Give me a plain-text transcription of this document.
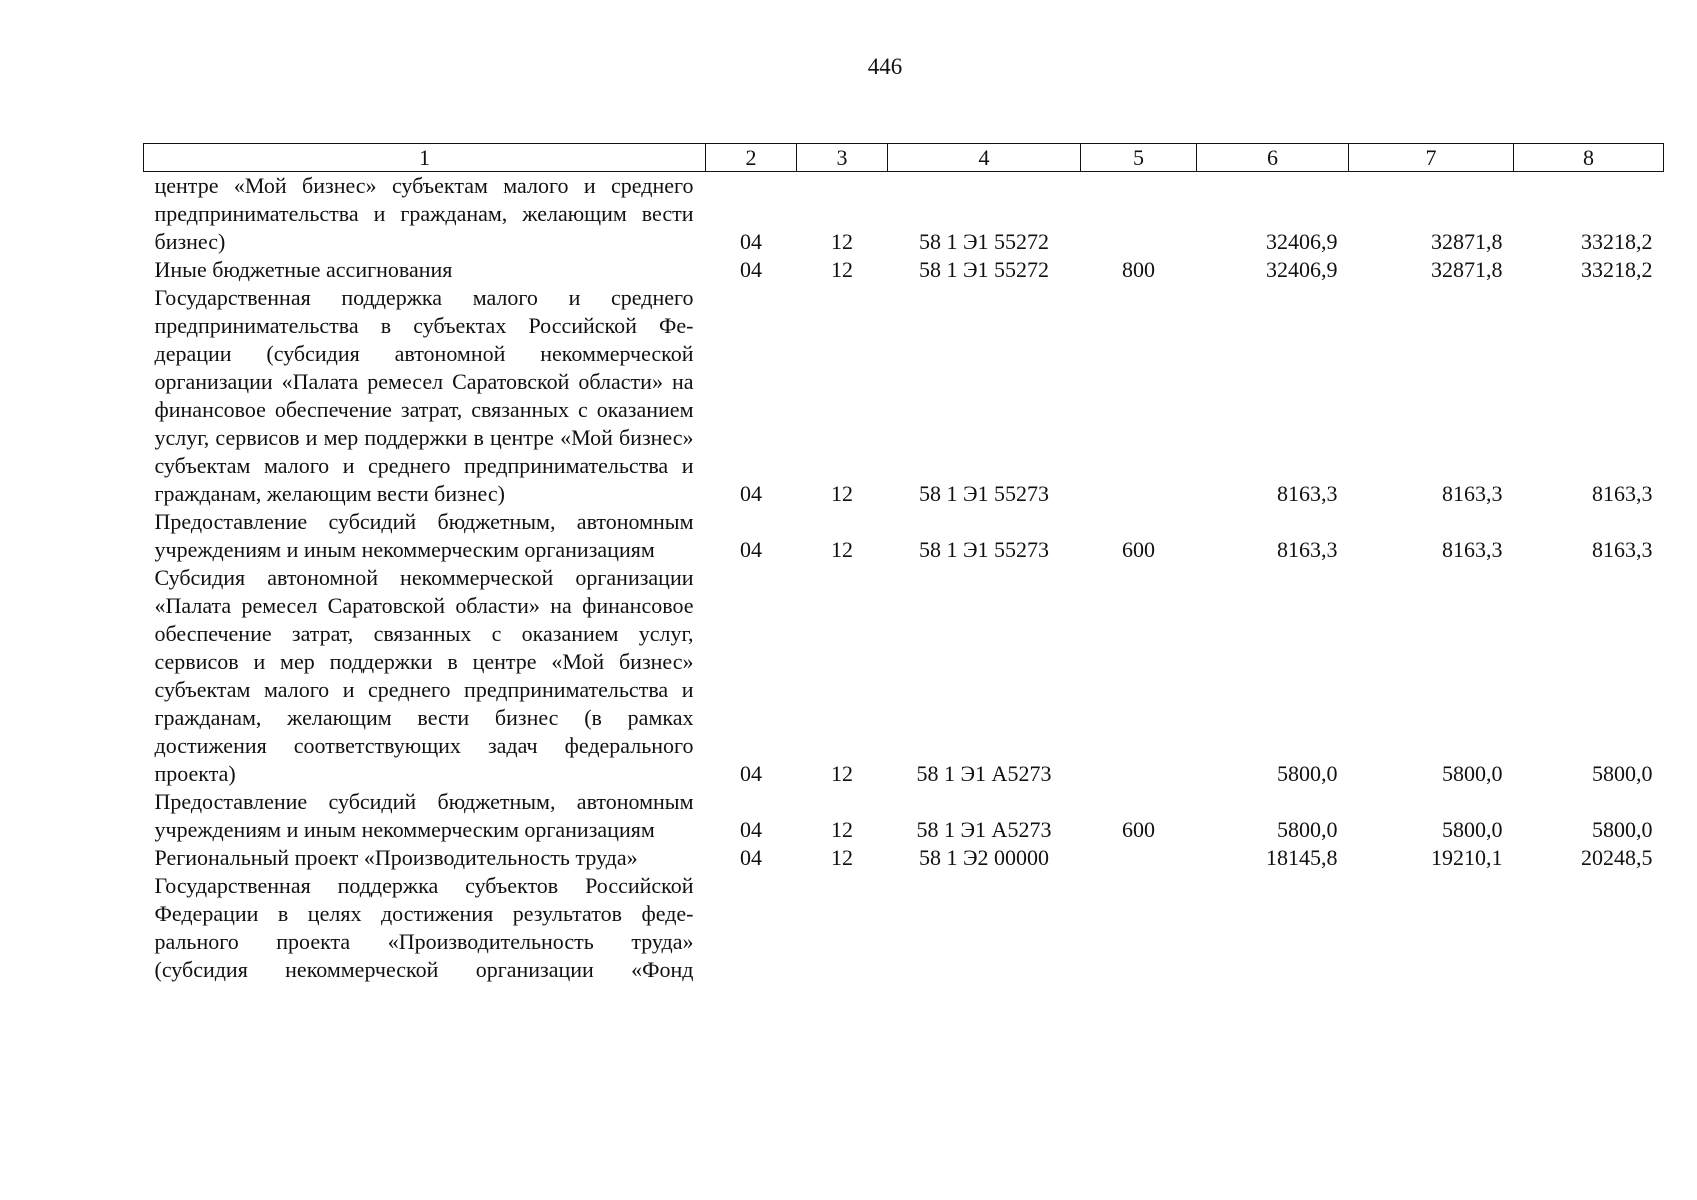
446
1	2	3	4	5	6	7	8
центре «Мой бизнес» субъектам малого и среднего предпринимательства и гражданам, желающим вести бизнес)	04	12	58 1 Э1 55272		32406,9	32871,8	33218,2
Иные бюджетные ассигнования	04	12	58 1 Э1 55272	800	32406,9	32871,8	33218,2
Государственная поддержка малого и среднего предпринимательства в субъектах Российской Федерации (субсидия автономной некоммерческой организации «Палата ремесел Саратовской области» на финансовое обеспечение затрат, связанных с оказанием услуг, сервисов и мер поддержки в центре «Мой бизнес» субъектам малого и среднего предпринимательства и гражданам, желающим вести бизнес)	04	12	58 1 Э1 55273		8163,3	8163,3	8163,3
Предоставление субсидий бюджетным, автономным учреждениям и иным некоммерческим организациям	04	12	58 1 Э1 55273	600	8163,3	8163,3	8163,3
Субсидия автономной некоммерческой организации «Палата ремесел Саратовской области» на финансовое обеспечение затрат, связанных с оказанием услуг, сервисов и мер поддержки в центре «Мой бизнес» субъектам малого и среднего предпринимательства и гражданам, желающим вести бизнес (в рамках достижения соответствующих задач федерального проекта)	04	12	58 1 Э1 А5273		5800,0	5800,0	5800,0
Предоставление субсидий бюджетным, автономным учреждениям и иным некоммерческим организациям	04	12	58 1 Э1 А5273	600	5800,0	5800,0	5800,0
Региональный проект «Производительность труда»	04	12	58 1 Э2 00000		18145,8	19210,1	20248,5
Государственная поддержка субъектов Российской Федерации в целях достижения результатов федерального проекта «Производительность труда» (субсидия некоммерческой организации «Фонд							
